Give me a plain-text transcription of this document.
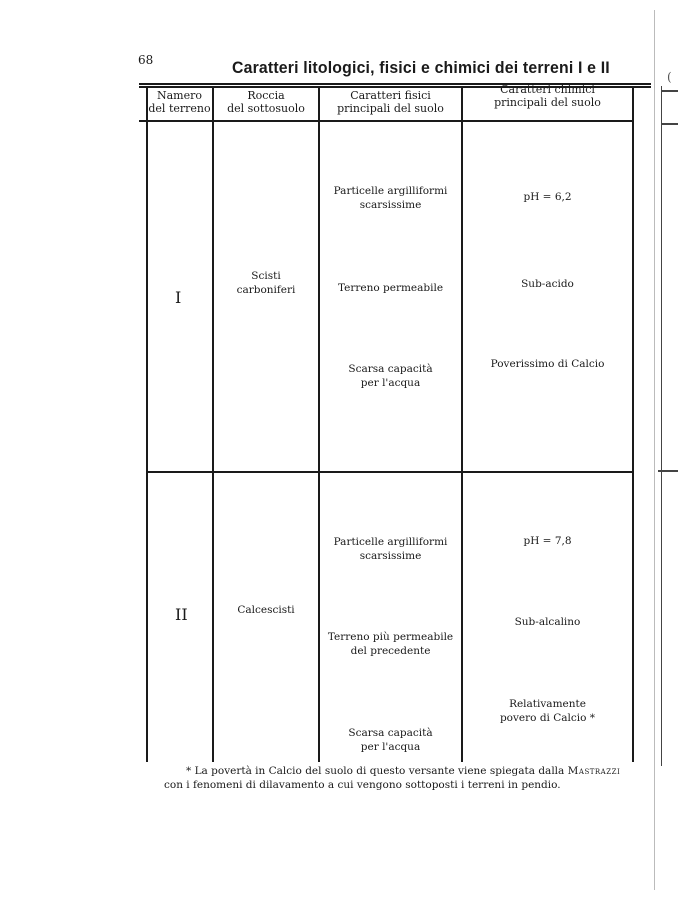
68	Caratteri litologici, fisici e chimici dei terreni I e II
Namero
del terreno
Roccia
del sottosuolo
Caratteri fisici
principali del suolo
Caratteri chimici
principali del suolo
I
Scisti
carboniferi
Particelle argilliformi
scarsissime
Terreno permeabile
Scarsa capacità
per l'acqua
pH = 6,2
Sub-acido
Poverissimo di Calcio
II	Calcescisti
Particelle argilliformi
scarsissime
Terreno più permeabile
del precedente
Scarsa capacità
per l'acqua
pH = 7,8
Sub-alcalino
Relativamente
povero di Calcio *
* La povertà in Calcio del suolo di questo versante viene spiegata dalla Mastrazzi
con i fenomeni di dilavamento a cui vengono sottoposti i terreni in pendio.
(
